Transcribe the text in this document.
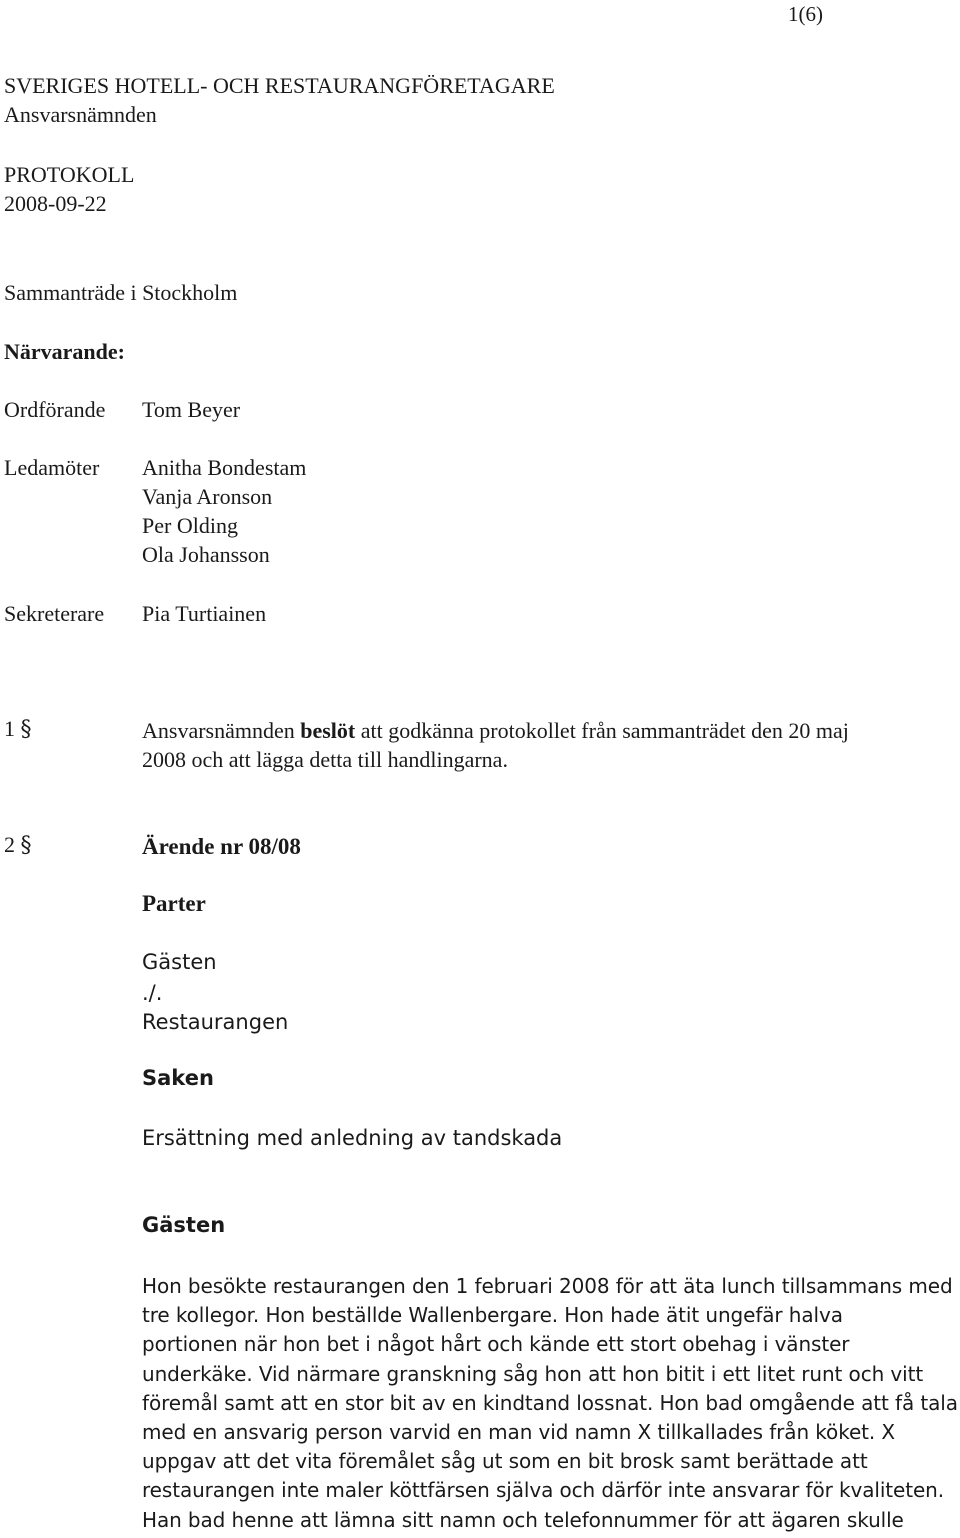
1(6)
SVERIGES HOTELL- OCH RESTAURANGFÖRETAGARE
Ansvarsnämnden
PROTOKOLL
2008-09-22
Sammanträde i Stockholm
Närvarande:
Ordförande Tom Beyer
Ledamöter Anitha Bondestam
Vanja Aronson
Per Olding
Ola Johansson
Sekreterare Pia Turtiainen
1 §	Ansvarsnämnden beslöt att godkänna protokollet från sammanträdet den 20 maj
2008 och att lägga detta till handlingarna.
2 §	Ärende nr 08/08
Parter
Gästen
./.
Restaurangen
Saken
Ersättning med anledning av tandskada
Gästen
Hon besökte restaurangen den 1 februari 2008 för att äta lunch tillsammans med
tre kollegor. Hon beställde Wallenbergare. Hon hade ätit ungefär halva
portionen när hon bet i något hårt och kände ett stort obehag i vänster
underkäke. Vid närmare granskning såg hon att hon bitit i ett litet runt och vitt
föremål samt att en stor bit av en kindtand lossnat. Hon bad omgående att få tala
med en ansvarig person varvid en man vid namn X tillkallades från köket. X
uppgav att det vita föremålet såg ut som en bit brosk samt berättade att
restaurangen inte maler köttfärsen själva och därför inte ansvarar för kvaliteten.
Han bad henne att lämna sitt namn och telefonnummer för att ägaren skulle
